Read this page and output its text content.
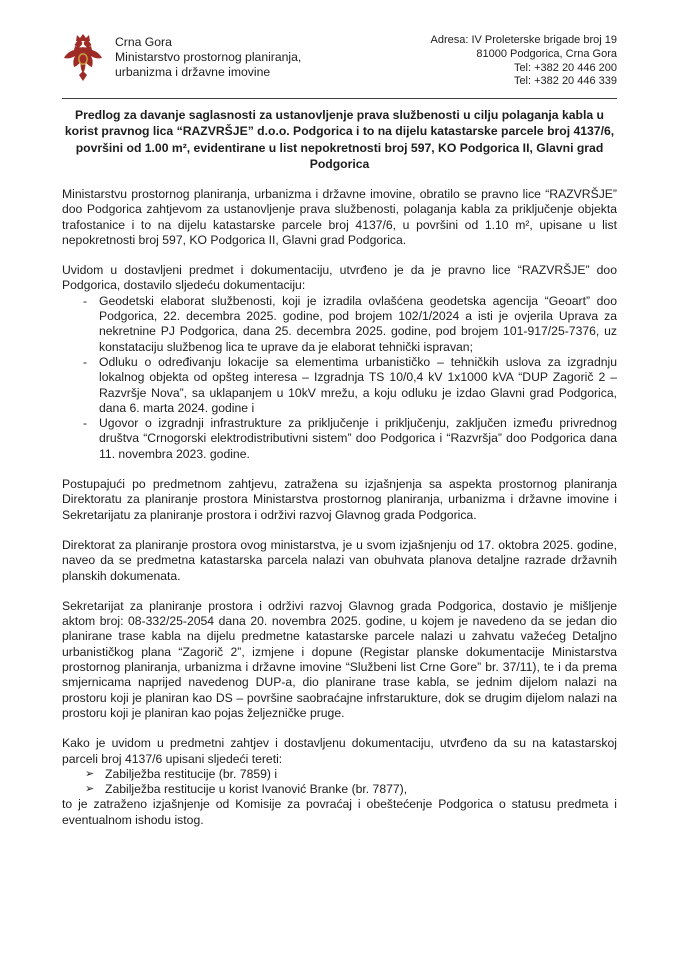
Crna Gora
Ministarstvo prostornog planiranja, urbanizma i državne imovine
Adresa: IV Proleterske brigade broj 19
81000 Podgorica, Crna Gora
Tel: +382 20 446 200
Tel: +382 20 446 339
Predlog za davanje saglasnosti za ustanovljenje prava službenosti u cilju polaganja kabla u korist pravnog lica “RAZVRŠJE” d.o.o. Podgorica i to na dijelu katastarske parcele broj 4137/6, površini od 1.00 m², evidentirane u list nepokretnosti broj 597, KO Podgorica II, Glavni grad Podgorica

Ministarstvu prostornog planiranja, urbanizma i državne imovine, obratilo se pravno lice “RAZVRŠJE” doo Podgorica zahtjevom za ustanovljenje prava službenosti, polaganja kabla za priključenje objekta trafostanice i to na dijelu katastarske parcele broj 4137/6, u površini od 1.10 m², upisane u list nepokretnosti broj 597, KO Podgorica II, Glavni grad Podgorica.

Uvidom u dostavljeni predmet i dokumentaciju, utvrđeno je da je pravno lice “RAZVRŠJE” doo Podgorica, dostavilo sljedeću dokumentaciju:

- Geodetski elaborat službenosti, koji je izradila ovlašćena geodetska agencija “Geoart” doo Podgorica, 22. decembra 2025. godine, pod brojem 102/1/2024 a isti je ovjerila Uprava za nekretnine PJ Podgorica, dana 25. decembra 2025. godine, pod brojem 101-917/25-7376, uz konstataciju službenog lica te uprave da je elaborat tehnički ispravan;
- Odluku o određivanju lokacije sa elementima urbanističko – tehničkih uslova za izgradnju lokalnog objekta od opšteg interesa – Izgradnja TS 10/0,4 kV 1x1000 kVA “DUP Zagorič 2 – Razvršje Nova”, sa uklapanjem u 10kV mrežu, a koju odluku je izdao Glavni grad Podgorica, dana 6. marta 2024. godine i
- Ugovor o izgradnji infrastrukture za priključenje i priključenju, zaključen između privrednog društva “Crnogorski elektrodistributivni sistem” doo Podgorica i “Razvršja” doo Podgorica dana 11. novembra 2023. godine.

Postupajući po predmetnom zahtjevu, zatražena su izjašnjenja sa aspekta prostornog planiranja Direktoratu za planiranje prostora Ministarstva prostornog planiranja, urbanizma i državne imovine i Sekretarijatu za planiranje prostora i održivi razvoj Glavnog grada Podgorica.

Direktorat za planiranje prostora ovog ministarstva, je u svom izjašnjenju od 17. oktobra 2025. godine, naveo da se predmetna katastarska parcela nalazi van obuhvata planova detaljne razrade državnih planskih dokumenata.

Sekretarijat za planiranje prostora i održivi razvoj Glavnog grada Podgorica, dostavio je mišljenje aktom broj: 08-332/25-2054 dana 20. novembra 2025. godine, u kojem je navedeno da se jedan dio planirane trase kabla na dijelu predmetne katastarske parcele nalazi u zahvatu važećeg Detaljno urbanističkog plana “Zagorič 2”, izmjene i dopune (Registar planske dokumentacije Ministarstva prostornog planiranja, urbanizma i državne imovine “Službeni list Crne Gore” br. 37/11), te i da prema smjernicama naprijed navedenog DUP-a, dio planirane trase kabla, se jednim dijelom nalazi na prostoru koji je planiran kao DS – površine saobraćajne infrstarukture, dok se drugim dijelom nalazi na prostoru koji je planiran kao pojas željezničke pruge.

Kako je uvidom u predmetni zahtjev i dostavljenu dokumentaciju, utvrđeno da su na katastarskoj parceli broj 4137/6 upisani sljedeći tereti:

➢ Zabilježba restitucije (br. 7859) i
➢ Zabilježba restitucije u korist Ivanović Branke (br. 7877),

to je zatraženo izjašnjenje od Komisije za povraćaj i obeštećenje Podgorica o statusu predmeta i eventualnom ishodu istog.
